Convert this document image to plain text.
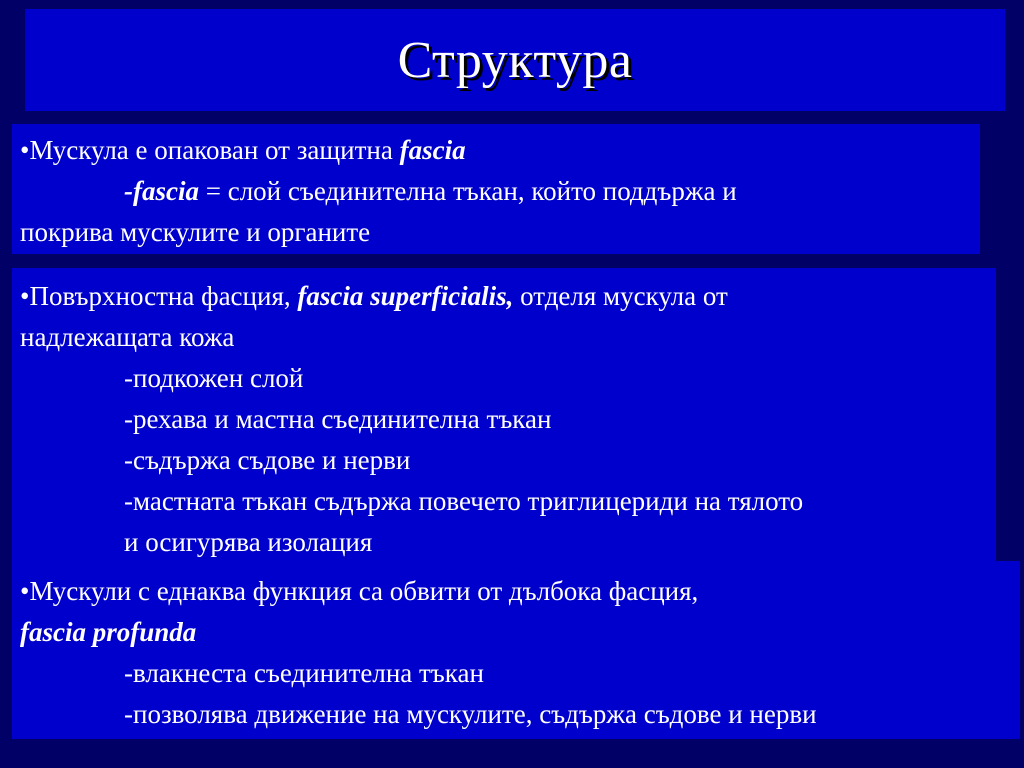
Структура
•Мускула е опакован от защитна fascia
-fascia = слой съединителна тъкан, който поддържа и
покрива мускулите и органите
•Повърхностна фасция, fascia superficialis, отделя мускула от
надлежащата кожа
-подкожен слой
-рехава и мастна съединителна тъкан
-съдържа съдове и нерви
-мастната тъкан съдържа повечето триглицериди на тялото
и осигурява изолация
•Мускули с еднаква функция са обвити от дълбока фасция,
fascia profunda
-влакнеста съединителна тъкан
-позволява движение на мускулите, съдържа съдове и нерви
